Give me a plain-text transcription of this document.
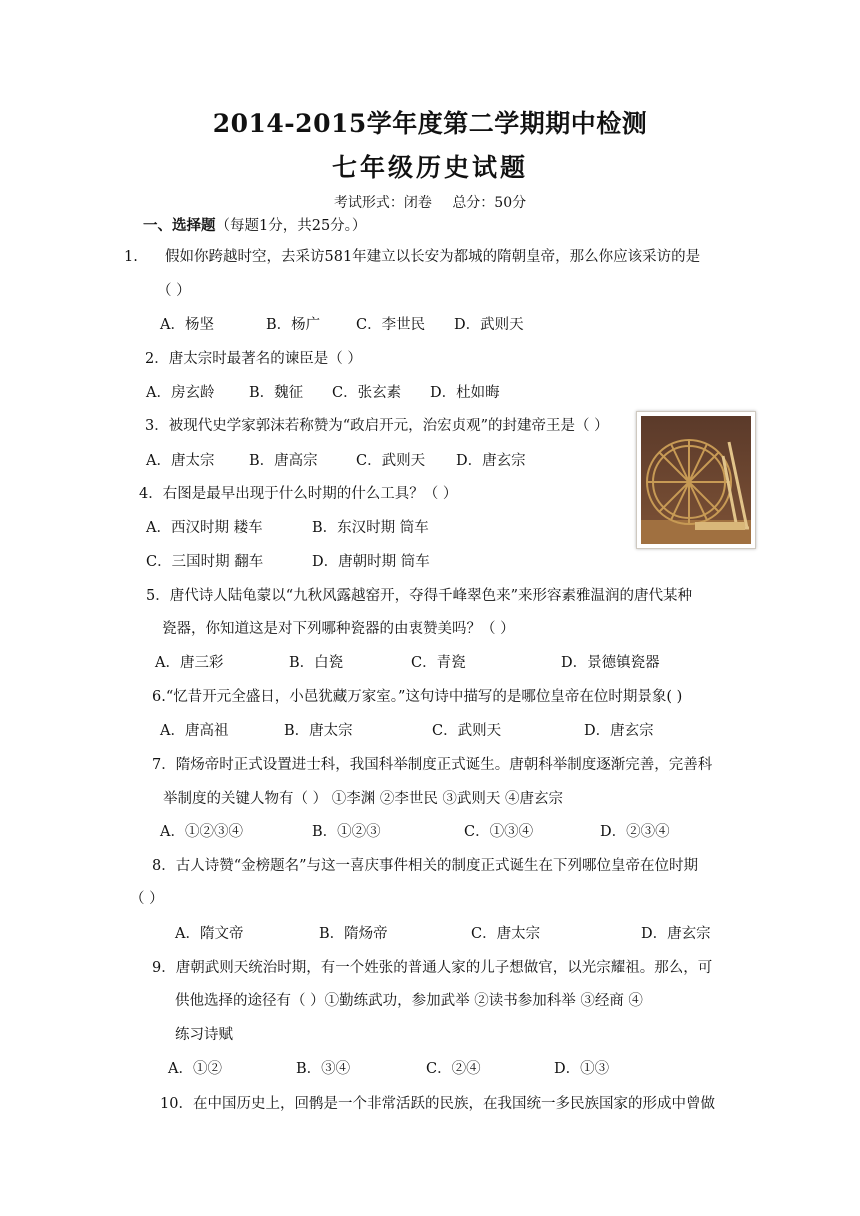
2014-2015学年度第二学期期中检测
七年级历史试题
考试形式：闭卷 总分：50分
一、选择题（每题1分，共25分。）
1. 假如你跨越时空，去采访581年建立以长安为都城的隋朝皇帝，那么你应该采访的是
（ ）
A．杨坚	B．杨广 C．李世民 D．武则天
2．唐太宗时最著名的谏臣是（ ）
A．房玄龄 B．魏征 C．张玄素 D．杜如晦
3．被现代史学家郭沫若称赞为“政启开元，治宏贞观”的封建帝王是（ ）
A．唐太宗 B．唐高宗	C．武则天 D．唐玄宗
4．右图是最早出现于什么时期的什么工具？（ ）
A．西汉时期 耧车	B．东汉时期 筒车
C．三国时期 翻车	D．唐朝时期 筒车
5．唐代诗人陆龟蒙以“九秋风露越窑开，夺得千峰翠色来”来形容素雅温润的唐代某种
瓷器，你知道这是对下列哪种瓷器的由衷赞美吗？（ ）
A．唐三彩	B．白瓷	C．青瓷	D．景德镇瓷器
6.“忆昔开元全盛日，小邑犹藏万家室。”这句诗中描写的是哪位皇帝在位时期景象( )
A．唐高祖	B．唐太宗	C．武则天	D．唐玄宗
7．隋炀帝时正式设置进士科，我国科举制度正式诞生。唐朝科举制度逐渐完善，完善科
举制度的关键人物有（ ） ①李渊 ②李世民 ③武则天 ④唐玄宗
A．①②③④	B．①②③	C．①③④	D．②③④
8．古人诗赞“金榜题名”与这一喜庆事件相关的制度正式诞生在下列哪位皇帝在位时期
（ ）
A．隋文帝	B．隋炀帝	C．唐太宗	D．唐玄宗
9．唐朝武则天统治时期，有一个姓张的普通人家的儿子想做官，以光宗耀祖。那么，可
供他选择的途径有（ ）①勤练武功，参加武举 ②读书参加科举 ③经商 ④
练习诗赋
A．①②	B．③④	C．②④	D．①③
10．在中国历史上，回鹘是一个非常活跃的民族，在我国统一多民族国家的形成中曾做
